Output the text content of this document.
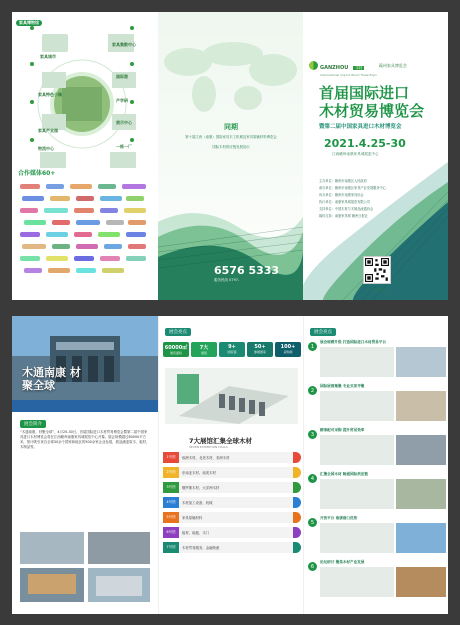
家具博物馆
家具集散中心
家具城市
国际港
家具特色小镇
产学研
家具产业园
展示中心
物流中心	一栋一厂
合作媒体60+
同期
第十届江西（南康）国际家具木工机械及家具原辅材料博览会
国际木材供应链发展论坛
6576 5333
服务热线 0797-
GANZHOU 木材
International Import Wood Trade Expo
赣州家具博览会
首届国际进口
木材贸易博览会
暨第二届中国家具进口木材博览会
2021.4.25-30
江西赣州南康家具城展览中心
主办单位：赣州市南康区人民政府
承办单位：赣州市南康区家具产业发展服务中心
协办单位：赣州市南康家具协会
执行单位：南康家具城展览有限公司
支持单位：中国木材与木制品流通协会
媒体支持：南康家具网 赣州日报社
扫码预登记
木通南康 材聚全球
展会简介
“木通南康，材聚全球”，4月25-30日，首届国际进口木材贸易博览会暨第二届中国家具进口木材博览会将在江西赣州南康家具城展览中心开幕。展会规模超过60000平方米，预计吸引来自全球30余个国家和地区的500余家企业参展，展品涵盖原木、板材、木制品等。
展会亮点
60000㎡
展览面积
7大
展馆
9+
国家馆
50+
参展国家
100+
采购商
7大展馆汇集全球木材
SEVEN EXHIBITION HALLS
1号馆	欧洲木材、北美木材、非洲木材
2号馆	东南亚木材、南美木材
3号馆	俄罗斯木材、大洋洲木材
4号馆	木材加工设备、机械
5号馆	家具原辅材料
6号馆	板材、地板、木门
7号馆	木材贸易服务、金融物流
展会亮点
1
展会规模升级 打造国际进口木材贸易平台
2
国际展商集聚 专业买家齐聚
3
精准配对采购 提升贸易效率
4
汇聚全国木材 畅通国际供应链
5
开放平台 南康港口优势
6
论坛研讨 聚焦木材产业发展
